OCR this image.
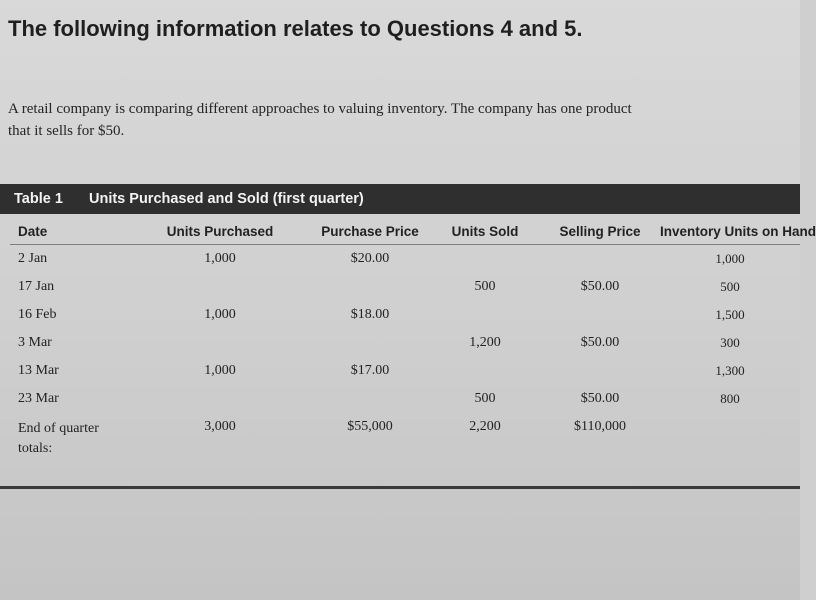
The following information relates to Questions 4 and 5.

A retail company is comparing different approaches to valuing inventory. The company has one product that it sells for $50.

Table 1 Units Purchased and Sold (first quarter)
Date	Units Purchased	Purchase Price	Units Sold	Selling Price	Inventory Units on Hand
2 Jan	1,000	$20.00			1,000
17 Jan			500	$50.00	500
16 Feb	1,000	$18.00			1,500
3 Mar			1,200	$50.00	300
13 Mar	1,000	$17.00			1,300
23 Mar			500	$50.00	800
End of quarter totals:	3,000	$55,000	2,200	$110,000	
